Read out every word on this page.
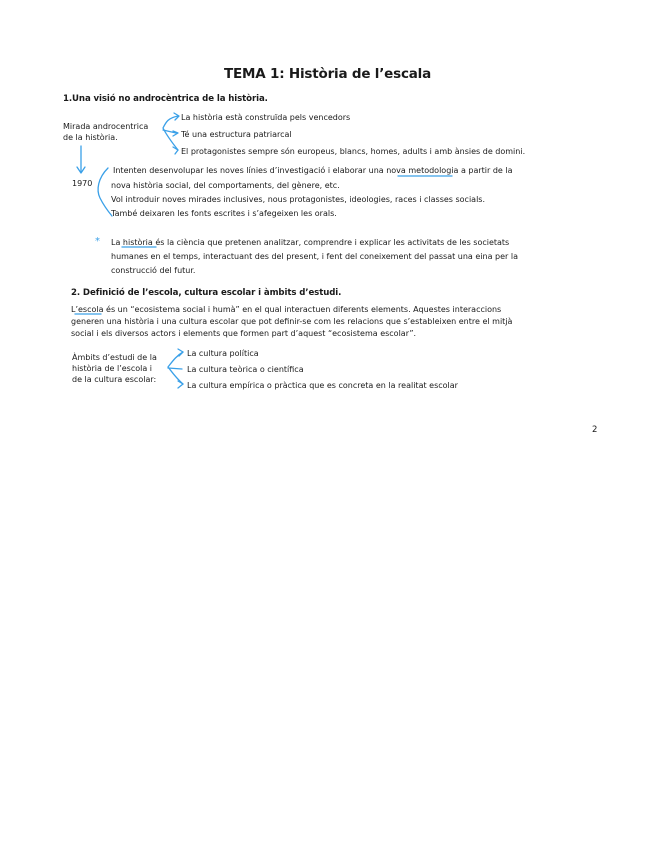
TEMA 1: Història de l’escala
1.Una visió no androcèntrica de la història.
Mirada androcentrica
de la història.
La història està construïda pels vencedors
Té una estructura patriarcal
El protagonistes sempre són europeus, blancs, homes, adults i amb ànsies de domini.
1970
Intenten desenvolupar les noves línies d’investigació i elaborar una nova metodologia a partir de la
nova història social, del comportaments, del gènere, etc.
Vol introduir noves mirades inclusives, nous protagonistes, ideologies, races i classes socials.
També deixaren les fonts escrites i s’afegeixen les orals.
* La història és la ciència que pretenen analitzar, comprendre i explicar les activitats de les societats
humanes en el temps, interactuant des del present, i fent del coneixement del passat una eina per la
construcció del futur.
2. Definició de l’escola, cultura escolar i àmbits d’estudi.
L’escola és un “ecosistema social i humà” en el qual interactuen diferents elements. Aquestes interaccions
generen una història i una cultura escolar que pot definir-se com les relacions que s’estableixen entre el mitjà
social i els diversos actors i elements que formen part d’aquest “ecosistema escolar”.
Àmbits d’estudi de la
història de l’escola i
de la cultura escolar:
La cultura política
La cultura teòrica o científica
La cultura empírica o pràctica que es concreta en la realitat escolar
2
